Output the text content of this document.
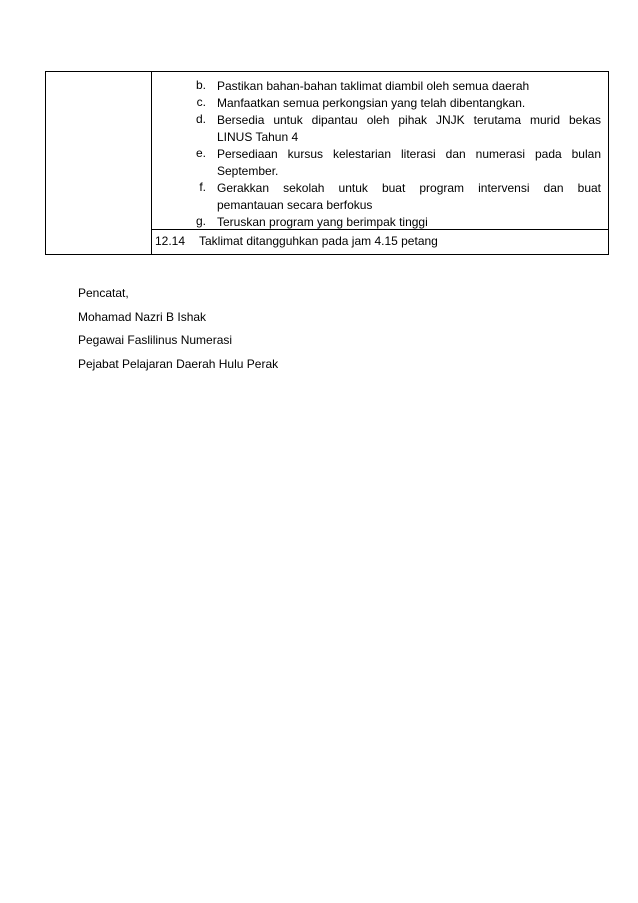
b. Pastikan bahan-bahan taklimat diambil oleh semua daerah
c. Manfaatkan semua perkongsian yang telah dibentangkan.
d. Bersedia untuk dipantau oleh pihak JNJK terutama murid bekas
LINUS Tahun 4
e. Persediaan kursus kelestarian literasi dan numerasi pada bulan
September.
f. Gerakkan sekolah untuk buat program intervensi dan buat
pemantauan secara berfokus
g. Teruskan program yang berimpak tinggi
12.14 Taklimat ditangguhkan pada jam 4.15 petang
Pencatat,
Mohamad Nazri B Ishak
Pegawai Faslilinus Numerasi
Pejabat Pelajaran Daerah Hulu Perak
